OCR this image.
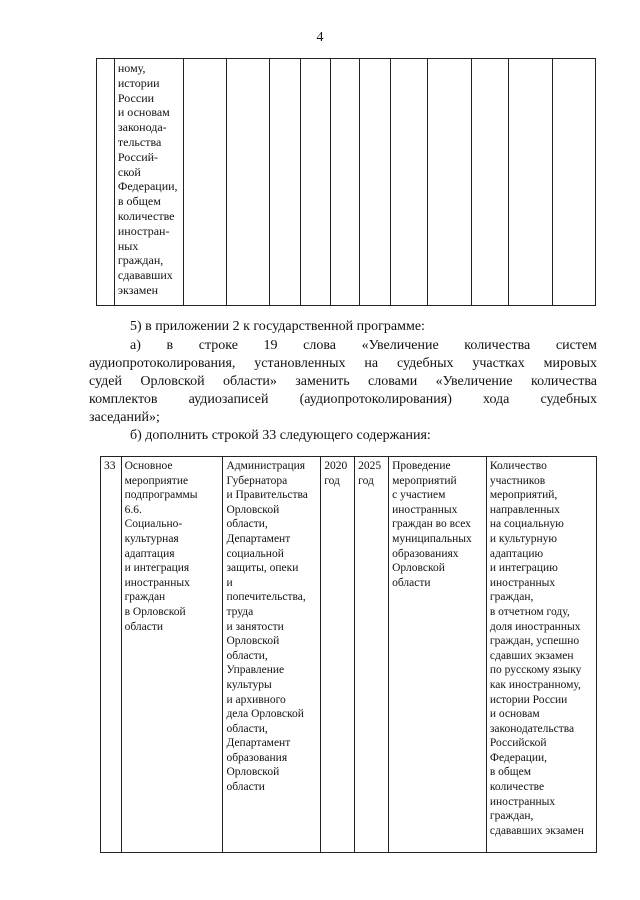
4
	ному,
истории
России
и основам
законода-
тельства
Россий-
ской
Федерации,
в общем
количестве
иностран-
ных
граждан,
сдававших
экзамен											
5) в приложении 2 к государственной программе:
а) в строке 19 слова «Увеличение количества систем
аудиопротоколирования, установленных на судебных участках мировых
судей Орловской области» заменить словами «Увеличение количества
комплектов аудиозаписей (аудиопротоколирования) хода судебных
заседаний»;
б) дополнить строкой 33 следующего содержания:
33	Основное
мероприятие
подпрограммы
6.6.
Социально-
культурная
адаптация
и интеграция
иностранных
граждан
в Орловской
области	Администрация
Губернатора
и Правительства
Орловской
области,
Департамент
социальной
защиты, опеки
и
попечительства,
труда
и занятости
Орловской
области,
Управление
культуры
и архивного
дела Орловской
области,
Департамент
образования
Орловской
области	2020
год	2025
год	Проведение
мероприятий
с участием
иностранных
граждан во всех
муниципальных
образованиях
Орловской
области	Количество
участников
мероприятий,
направленных
на социальную
и культурную
адаптацию
и интеграцию
иностранных
граждан,
в отчетном году,
доля иностранных
граждан, успешно
сдавших экзамен
по русскому языку
как иностранному,
истории России
и основам
законодательства
Российской
Федерации,
в общем
количестве
иностранных
граждан,
сдававших экзамен
